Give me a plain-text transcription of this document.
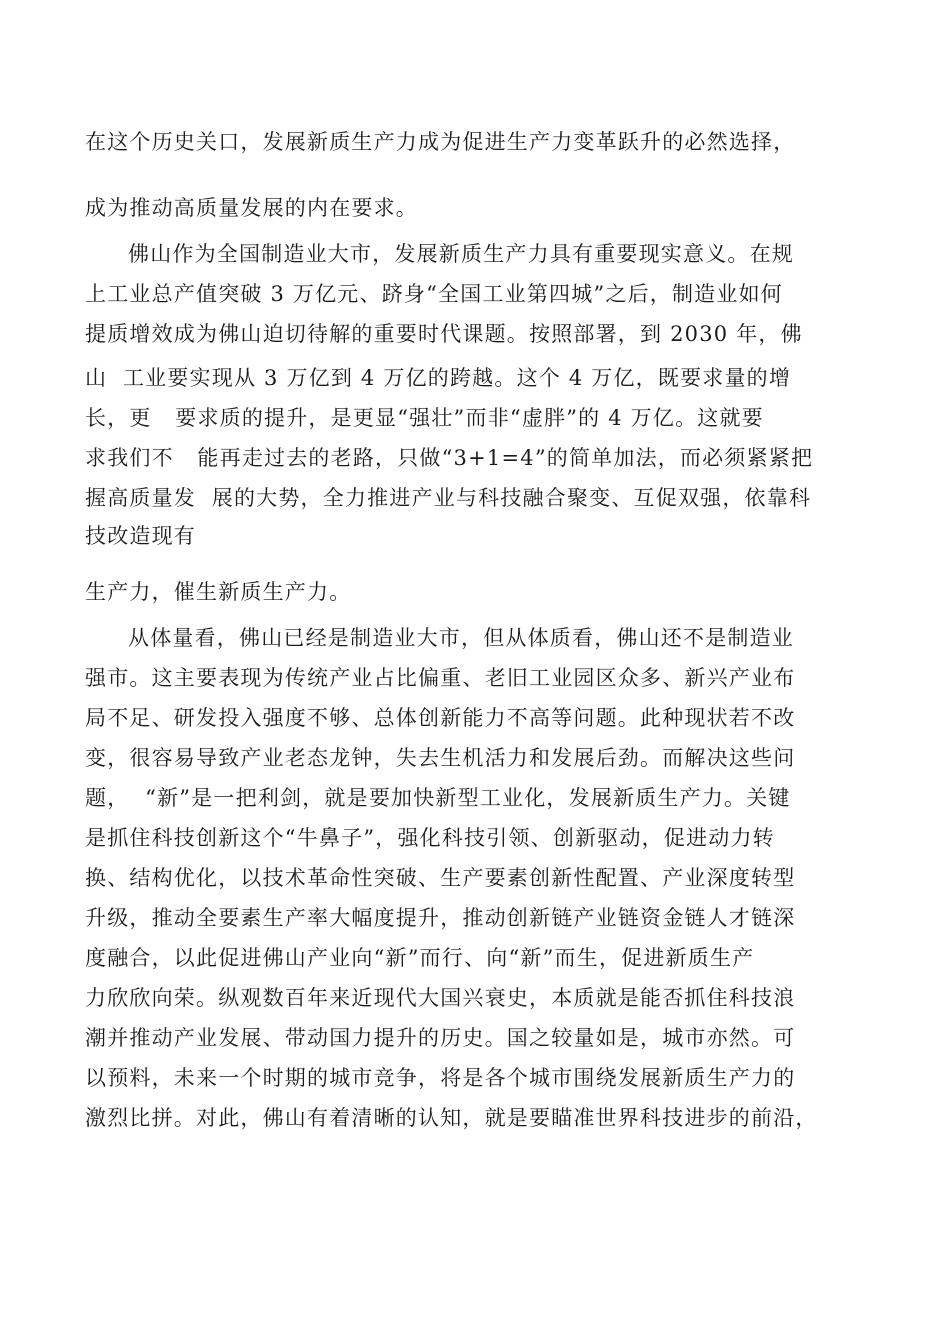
在这个历史关口，发展新质生产力成为促进生产力变革跃升的必然选择，
成为推动高质量发展的内在要求。
佛山作为全国制造业大市，发展新质生产力具有重要现实意义。在规
上工业总产值突破 3 万亿元、跻身“全国工业第四城”之后，制造业如何
提质增效成为佛山迫切待解的重要时代课题。按照部署，到 2030 年，佛
山  工业要实现从 3 万亿到 4 万亿的跨越。这个 4 万亿，既要求量的增
长，更   要求质的提升，是更显“强壮”而非“虚胖”的 4 万亿。这就要
求我们不   能再走过去的老路，只做“3+1=4”的简单加法，而必须紧紧把
握高质量发  展的大势，全力推进产业与科技融合聚变、互促双强，依靠科
技改造现有
生产力，催生新质生产力。
从体量看，佛山已经是制造业大市，但从体质看，佛山还不是制造业
强市。这主要表现为传统产业占比偏重、老旧工业园区众多、新兴产业布
局不足、研发投入强度不够、总体创新能力不高等问题。此种现状若不改
变，很容易导致产业老态龙钟，失去生机活力和发展后劲。而解决这些问
题，  “新”是一把利剑，就是要加快新型工业化，发展新质生产力。关键
是抓住科技创新这个“牛鼻子”，强化科技引领、创新驱动，促进动力转
换、结构优化，以技术革命性突破、生产要素创新性配置、产业深度转型
升级，推动全要素生产率大幅度提升，推动创新链产业链资金链人才链深
度融合，以此促进佛山产业向“新”而行、向“新”而生，促进新质生产
力欣欣向荣。纵观数百年来近现代大国兴衰史，本质就是能否抓住科技浪
潮并推动产业发展、带动国力提升的历史。国之较量如是，城市亦然。可
以预料，未来一个时期的城市竞争，将是各个城市围绕发展新质生产力的
激烈比拼。对此，佛山有着清晰的认知，就是要瞄准世界科技进步的前沿，
